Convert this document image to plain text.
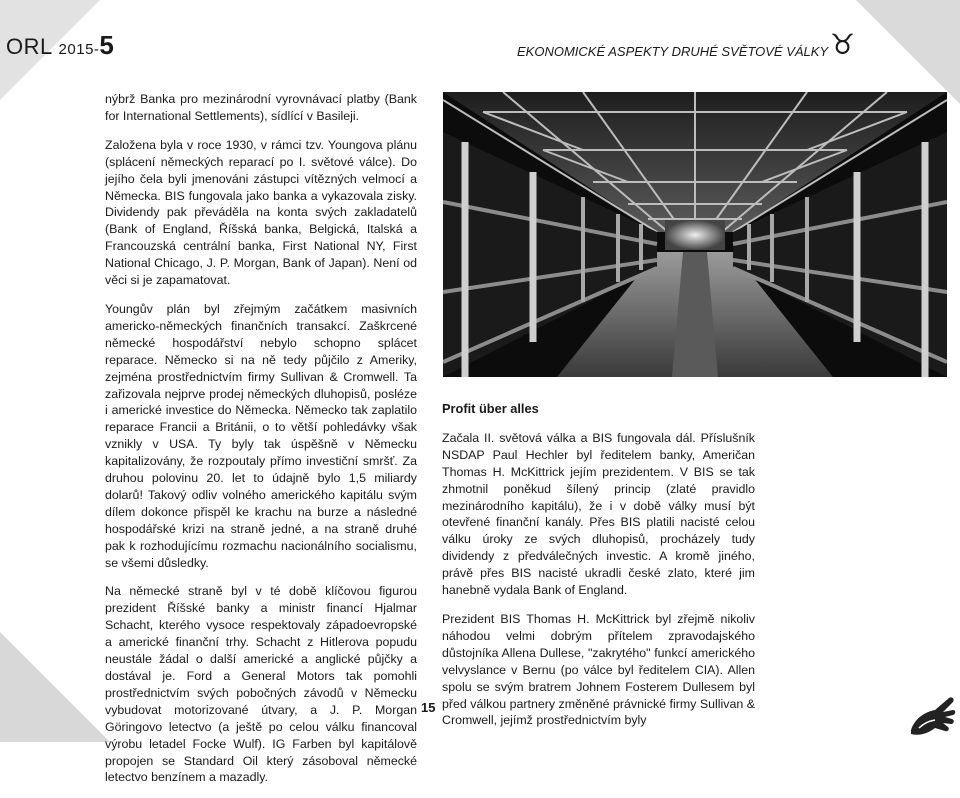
ORL 2015-5	EKONOMICKÉ ASPEKTY DRUHÉ SVĚTOVÉ VÁLKY ♉

nýbrž Banka pro mezinárodní vyrovnávací platby (Bank for International Settlements), sídlící v Basileji.

Založena byla v roce 1930, v rámci tzv. Youngova plánu (splácení německých reparací po I. světové válce). Do jejího čela byli jmenováni zástupci vítězných velmocí a Německa. BIS fungovala jako banka a vykazovala zisky. Dividendy pak převáděla na konta svých zakladatelů (Bank of England, Říšská banka, Belgická, Italská a Francouzská centrální banka, First National NY, First National Chicago, J. P. Morgan, Bank of Japan). Není od věci si je zapamatovat.

Youngův plán byl zřejmým začátkem masivních americko-německých finančních transakcí. Zaškrcené německé hospodářství nebylo schopno splácet reparace. Německo si na ně tedy půjčilo z Ameriky, zejména prostřednictvím firmy Sullivan & Cromwell. Ta zařizovala nejprve prodej německých dluhopisů, posléze i americké investice do Německa. Německo tak zaplatilo reparace Francii a Británii, o to větší pohledávky však vznikly v USA. Ty byly tak úspěšně v Německu kapitalizovány, že rozpoutaly přímo investiční smršť. Za druhou polovinu 20. let to údajně bylo 1,5 miliardy dolarů! Takový odliv volného amerického kapitálu svým dílem dokonce přispěl ke krachu na burze a následné hospodářské krizi na straně jedné, a na straně druhé pak k rozhodujícímu rozmachu nacionálního socialismu, se všemi důsledky.

Na německé straně byl v té době klíčovou figurou prezident Říšské banky a ministr financí Hjalmar Schacht, kterého vysoce respektovaly západoevropské a americké finanční trhy. Schacht z Hitlerova popudu neustále žádal o další americké a anglické půjčky a dostával je. Ford a General Motors tak pomohli prostřednictvím svých pobočných závodů v Německu vybudovat motorizované útvary, a J. P. Morgan Göringovo letectvo (a ještě po celou válku financoval výrobu letadel Focke Wulf). IG Farben byl kapitálově propojen se Standard Oil který zásoboval německé letectvo benzínem a mazadly.

Profit über alles

Začala II. světová válka a BIS fungovala dál. Příslušník NSDAP Paul Hechler byl ředitelem banky, Američan Thomas H. McKittrick jejím prezidentem. V BIS se tak zhmotnil poněkud šílený princip (zlaté pravidlo mezinárodního kapitálu), že i v době války musí být otevřené finanční kanály. Přes BIS platili nacisté celou válku úroky ze svých dluhopisů, procházely tudy dividendy z předválečných investic. A kromě jiného, právě přes BIS nacisté ukradli české zlato, které jim hanebně vydala Bank of England.

Prezident BIS Thomas H. McKittrick byl zřejmě nikoliv náhodou velmi dobrým přítelem zpravodajského důstojníka Allena Dullese, "zakrytého" funkcí amerického velvyslance v Bernu (po válce byl ředitelem CIA). Allen spolu se svým bratrem Johnem Fosterem Dullesem byl před válkou partnery změněné právnické firmy Sullivan & Cromwell, jejímž prostřednictvím byly

15
